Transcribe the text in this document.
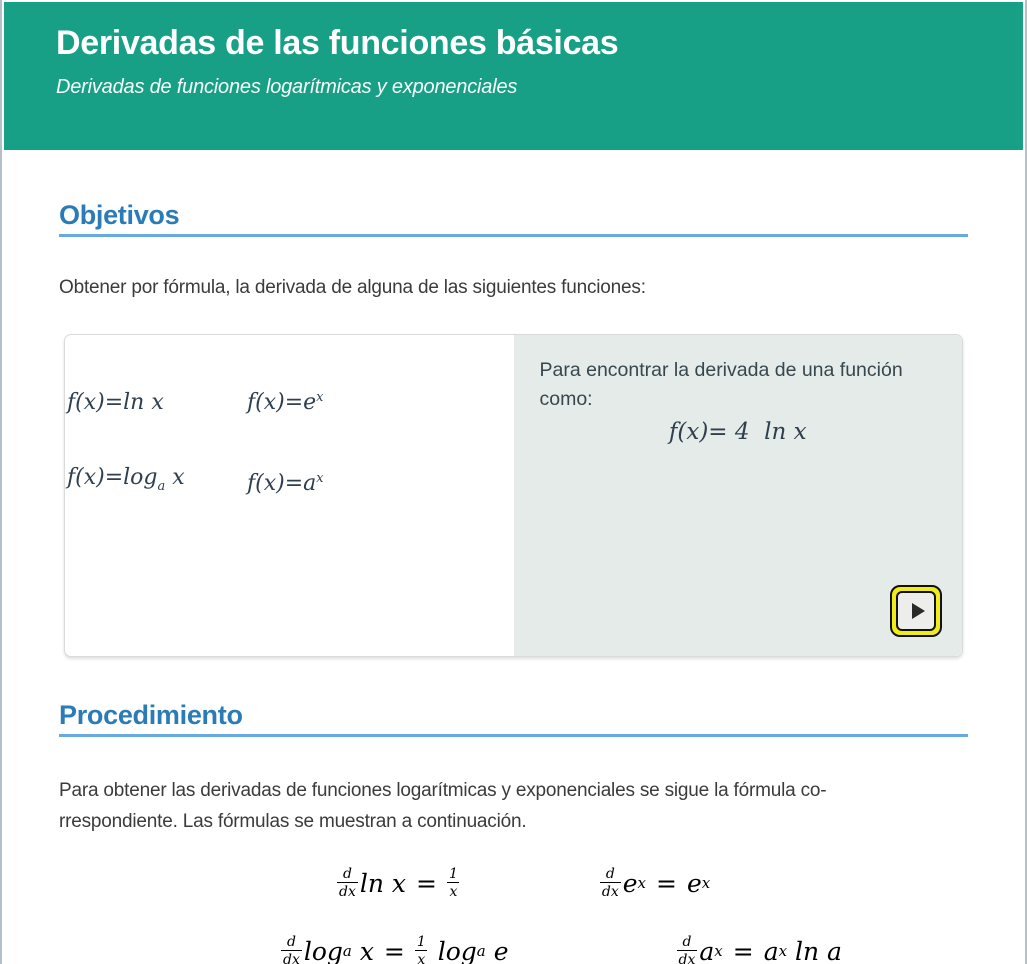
Derivadas de las funciones básicas
Derivadas de funciones logarítmicas y exponenciales
Objetivos

Obtener por fórmula, la derivada de alguna de las siguientes funciones:

f(x)=ln x	$f(x)=e^x$
$f(x)=\log_a$ x	$f(x)=a^x$
Para encontrar la derivada de una función
como:
f(x)= 4  ln x
Procedimiento

Para obtener las derivadas de funciones logarítmicas y exponenciales se sigue la fórmula co-
rrespondiente. Las fórmulas se muestran a continuación.

$\frac{d}{dx}$ $\ln x = \frac{1}{x}$	$\frac{d}{dx}$ e x = e x
$\frac{d}{dx}$ log a $x = \frac{1}{x}$ log a e	$\frac{d}{dx}$ a x = a x ln a
